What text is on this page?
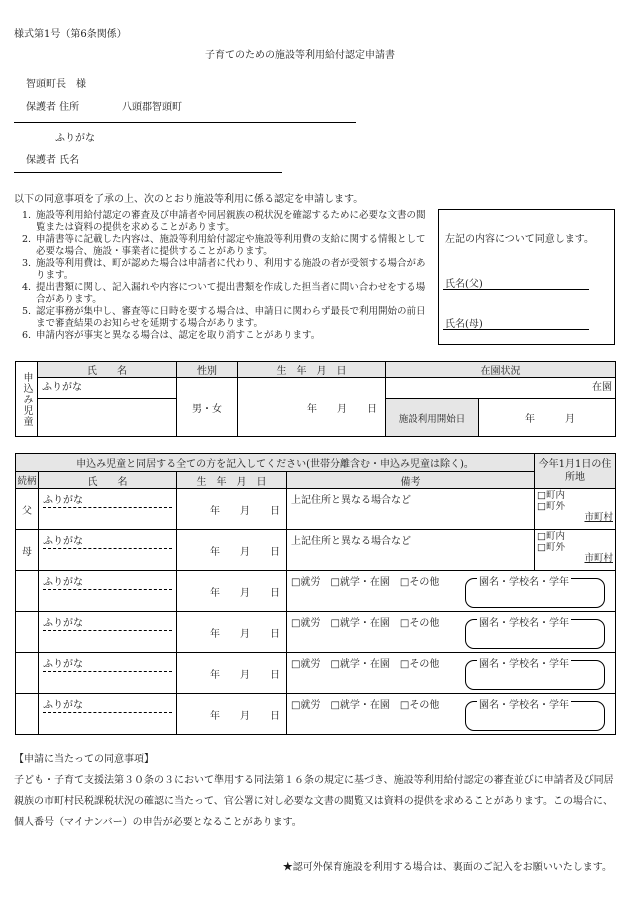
様式第1号（第6条関係）
子育てのための施設等利用給付認定申請書
智頭町長　様
保護者 住所	八頭郡智頭町
ふりがな
保護者 氏名
以下の同意事項を了承の上、次のとおり施設等利用に係る認定を申請します。
1. 施設等利用給付認定の審査及び申請者や同居親族の税状況を確認するために必要な文書の閲覧または資料の提供を求めることがあります。
2. 申請書等に記載した内容は、施設等利用給付認定や施設等利用費の支給に関する情報として必要な場合、施設・事業者に提供することがあります。
3. 施設等利用費は、町が認めた場合は申請者に代わり、利用する施設の者が受領する場合があります。
4. 提出書類に関し、記入漏れや内容について提出書類を作成した担当者に問い合わせをする場合があります。
5. 認定事務が集中し、審査等に日時を要する場合は、申請日に関わらず最長で利用開始の前日まで審査結果のお知らせを延期する場合があります。
6. 申請内容が事実と異なる場合は、認定を取り消すことがあります。
左記の内容について同意します。
氏名(父)
氏名(母)
申込み児童	氏　　名	性別	生　年　月　日	在園状況	
	ふりがな	男・女	年　　月　　日	在園	
				施設利用開始日	年　　　月
申込み児童と同居する全ての方を記入してください(世帯分離含む・申込み児童は除く)。				今年1月1日の住所地
続柄	氏　　名	生　年　月　日	備考	
父	ふりがな	年　　月　　日	上記住所と異なる場合など	□町内
□町外
市町村

母	ふりがな	年　　月　　日	上記住所と異なる場合など	□町内
□町外
市町村

	ふりがな	年　　月　　日	□就労　□就学・在園　□その他 園名・学校名・学年	

	ふりがな	年　　月　　日	□就労　□就学・在園　□その他 園名・学校名・学年	

	ふりがな	年　　月　　日	□就労　□就学・在園　□その他 園名・学校名・学年	

	ふりがな	年　　月　　日	□就労　□就学・在園　□その他 園名・学校名・学年	
【申請に当たっての同意事項】
子ども・子育て支援法第３０条の３において準用する同法第１６条の規定に基づき、施設等利用給付認定の審査並びに申請者及び同居親族の市町村民税課税状況の確認に当たって、官公署に対し必要な文書の閲覧又は資料の提供を求めることがあります。この場合に、個人番号（マイナンバー）の申告が必要となることがあります。
★認可外保育施設を利用する場合は、裏面のご記入をお願いいたします。
